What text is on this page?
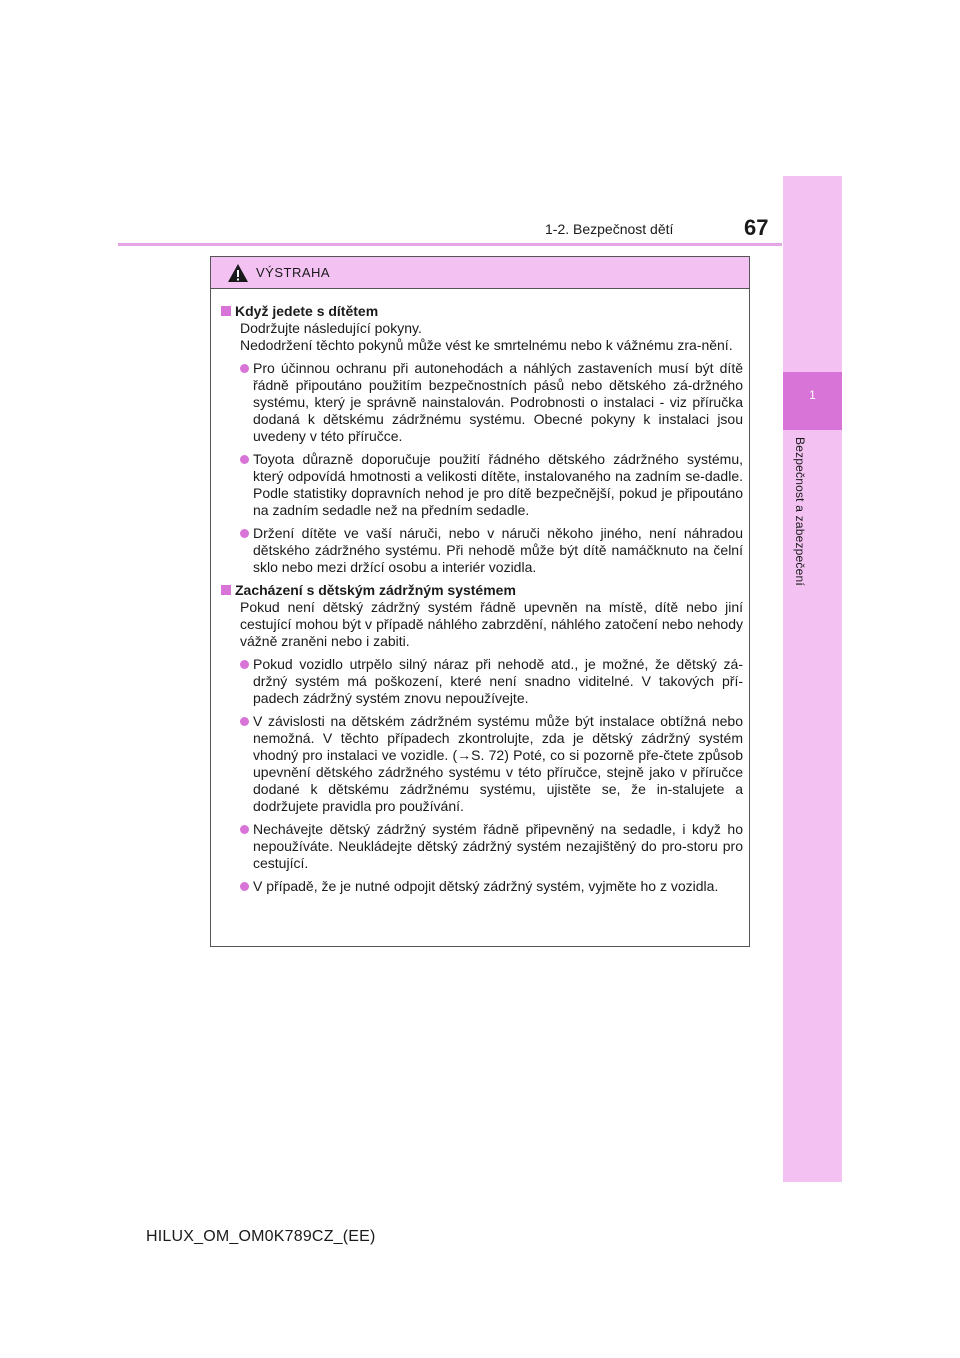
1-2. Bezpečnost dětí	67
1
Bezpečnost a zabezpečení
VÝSTRAHA
Když jedete s dítětem
Dodržujte následující pokyny.
Nedodržení těchto pokynů může vést ke smrtelnému nebo k vážnému zra-nění.
Pro účinnou ochranu při autonehodách a náhlých zastaveních musí být dítě řádně připoutáno použitím bezpečnostních pásů nebo dětského zá-držného systému, který je správně nainstalován. Podrobnosti o instalaci - viz příručka dodaná k dětskému zádržnému systému. Obecné pokyny k instalaci jsou uvedeny v této příručce.
Toyota důrazně doporučuje použití řádného dětského zádržného systému, který odpovídá hmotnosti a velikosti dítěte, instalovaného na zadním se-dadle. Podle statistiky dopravních nehod je pro dítě bezpečnější, pokud je připoutáno na zadním sedadle než na předním sedadle.
Držení dítěte ve vaší náruči, nebo v náruči někoho jiného, není náhradou dětského zádržného systému. Při nehodě může být dítě namáčknuto na čelní sklo nebo mezi držící osobu a interiér vozidla.
Zacházení s dětským zádržným systémem
Pokud není dětský zádržný systém řádně upevněn na místě, dítě nebo jiní cestující mohou být v případě náhlého zabrzdění, náhlého zatočení nebo nehody vážně zraněni nebo i zabiti.
Pokud vozidlo utrpělo silný náraz při nehodě atd., je možné, že dětský zá-držný systém má poškození, které není snadno viditelné. V takových pří-padech zádržný systém znovu nepoužívejte.
V závislosti na dětském zádržném systému může být instalace obtížná nebo nemožná. V těchto případech zkontrolujte, zda je dětský zádržný systém vhodný pro instalaci ve vozidle. (→S. 72) Poté, co si pozorně pře-čtete způsob upevnění dětského zádržného systému v této příručce, stejně jako v příručce dodané k dětskému zádržnému systému, ujistěte se, že in-stalujete a dodržujete pravidla pro používání.
Nechávejte dětský zádržný systém řádně připevněný na sedadle, i když ho nepoužíváte. Neukládejte dětský zádržný systém nezajištěný do pro-storu pro cestující.
V případě, že je nutné odpojit dětský zádržný systém, vyjměte ho z vozidla.
HILUX_OM_OM0K789CZ_(EE)
